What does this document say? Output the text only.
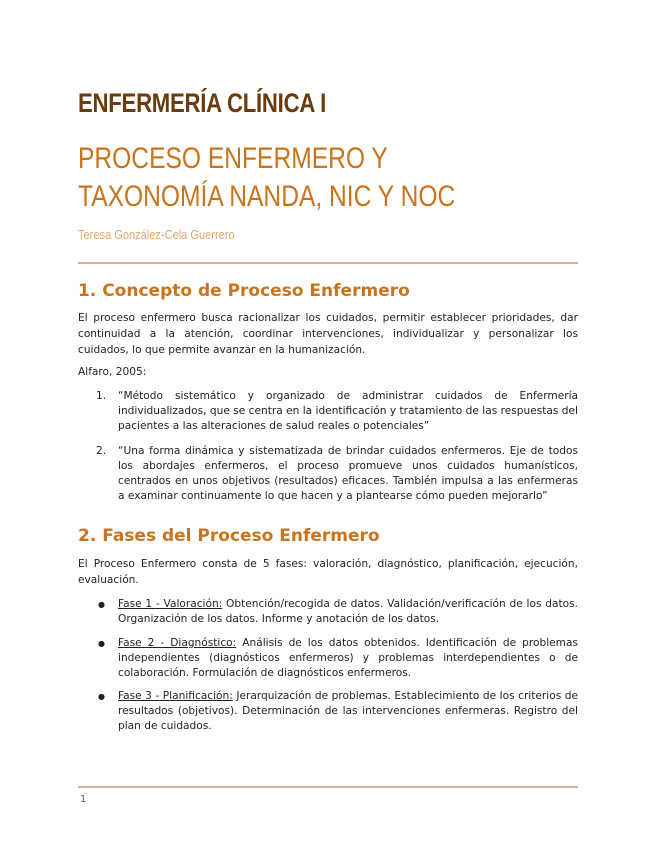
ENFERMERÍA CLÍNICA I
PROCESO ENFERMERO Y TAXONOMÍA NANDA, NIC Y NOC
Teresa González-Cela Guerrero
1. Concepto de Proceso Enfermero
El proceso enfermero busca racionalizar los cuidados, permitir establecer prioridades, dar continuidad a la atención, coordinar intervenciones, individualizar y personalizar los cuidados, lo que permite avanzar en la humanización.
Alfaro, 2005:
1. “Método sistemático y organizado de administrar cuidados de Enfermería individualizados, que se centra en la identificación y tratamiento de las respuestas del pacientes a las alteraciones de salud reales o potenciales”
2. “Una forma dinámica y sistematizada de brindar cuidados enfermeros. Eje de todos los abordajes enfermeros, el proceso promueve unos cuidados humanísticos, centrados en unos objetivos (resultados) eficaces. También impulsa a las enfermeras a examinar continuamente lo que hacen y a plantearse cómo pueden mejorarlo”
2. Fases del Proceso Enfermero
El Proceso Enfermero consta de 5 fases: valoración, diagnóstico, planificación, ejecución, evaluación.
● Fase 1 - Valoración: Obtención/recogida de datos. Validación/verificación de los datos. Organización de los datos. Informe y anotación de los datos.
● Fase 2 - Diagnóstico: Análisis de los datos obtenidos. Identificación de problemas independientes (diagnósticos enfermeros) y problemas interdependientes o de colaboración. Formulación de diagnósticos enfermeros.
● Fase 3 - Planificación: Jerarquización de problemas. Establecimiento de los criterios de resultados (objetivos). Determinación de las intervenciones enfermeras. Registro del plan de cuidados.
1
